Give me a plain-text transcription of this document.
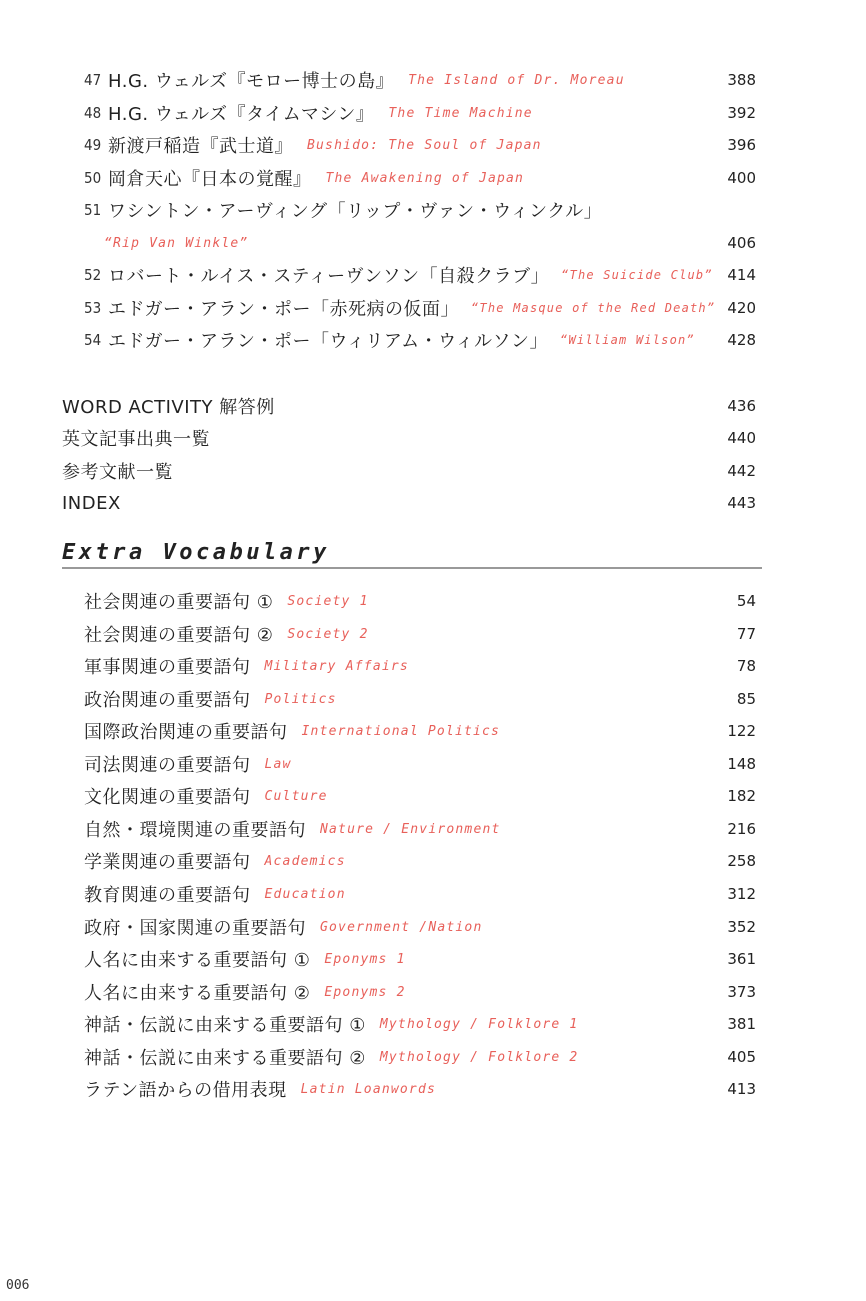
47 H.G. ウェルズ『モロー博士の島』 The Island of Dr. Moreau	388
48 H.G. ウェルズ『タイムマシン』 The Time Machine	392
49 新渡戸稲造『武士道』 Bushido: The Soul of Japan	396
50 岡倉天心『日本の覚醒』 The Awakening of Japan	400
51 ワシントン・アーヴィング「リップ・ヴァン・ウィンクル」
“Rip Van Winkle”	406
52 ロバート・ルイス・スティーヴンソン「自殺クラブ」 “The Suicide Club” 414
53 エドガー・アラン・ポー「赤死病の仮面」 “The Masque of the Red Death” 420
54 エドガー・アラン・ポー「ウィリアム・ウィルソン」 “William Wilson” 428
WORD ACTIVITY 解答例	436
英文記事出典一覧	440
参考文献一覧	442
INDEX	443
Extra Vocabulary
社会関連の重要語句 ① Society 1	54
社会関連の重要語句 ② Society 2	77
軍事関連の重要語句 Military Affairs	78
政治関連の重要語句 Politics	85
国際政治関連の重要語句 International Politics	122
司法関連の重要語句 Law	148
文化関連の重要語句 Culture	182
自然・環境関連の重要語句 Nature / Environment	216
学業関連の重要語句 Academics	258
教育関連の重要語句 Education	312
政府・国家関連の重要語句 Government /Nation	352
人名に由来する重要語句 ① Eponyms 1	361
人名に由来する重要語句 ② Eponyms 2	373
神話・伝説に由来する重要語句 ① Mythology / Folklore 1	381
神話・伝説に由来する重要語句 ② Mythology / Folklore 2	405
ラテン語からの借用表現 Latin Loanwords	413
006
